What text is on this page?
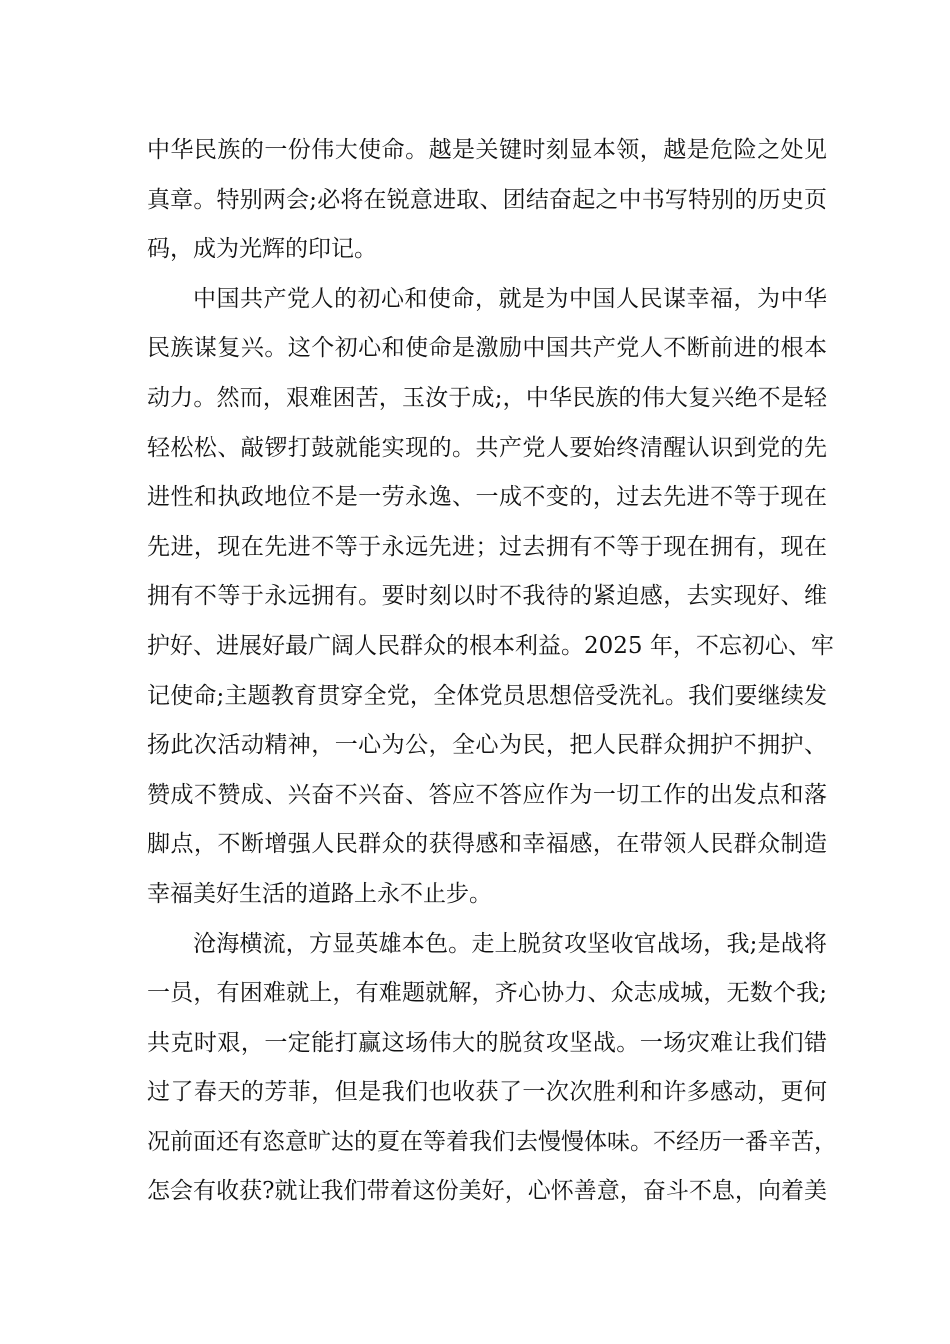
中华民族的一份伟大使命。越是关键时刻显本领，越是危险之处见
真章。特别两会;必将在锐意进取、团结奋起之中书写特别的历史页
码，成为光辉的印记。

中国共产党人的初心和使命，就是为中国人民谋幸福，为中华
民族谋复兴。这个初心和使命是激励中国共产党人不断前进的根本
动力。然而，艰难困苦，玉汝于成;，中华民族的伟大复兴绝不是轻
轻松松、敲锣打鼓就能实现的。共产党人要始终清醒认识到党的先
进性和执政地位不是一劳永逸、一成不变的，过去先进不等于现在
先进，现在先进不等于永远先进；过去拥有不等于现在拥有，现在
拥有不等于永远拥有。要时刻以时不我待的紧迫感，去实现好、维
护好、进展好最广阔人民群众的根本利益。2025 年，不忘初心、牢
记使命;主题教育贯穿全党，全体党员思想倍受洗礼。我们要继续发
扬此次活动精神，一心为公，全心为民，把人民群众拥护不拥护、
赞成不赞成、兴奋不兴奋、答应不答应作为一切工作的出发点和落
脚点，不断增强人民群众的获得感和幸福感，在带领人民群众制造
幸福美好生活的道路上永不止步。

沧海横流，方显英雄本色。走上脱贫攻坚收官战场，我;是战将
一员，有困难就上，有难题就解，齐心协力、众志成城，无数个我;
共克时艰，一定能打赢这场伟大的脱贫攻坚战。一场灾难让我们错
过了春天的芳菲，但是我们也收获了一次次胜利和许多感动，更何
况前面还有恣意旷达的夏在等着我们去慢慢体味。不经历一番辛苦，
怎会有收获?就让我们带着这份美好，心怀善意，奋斗不息，向着美
